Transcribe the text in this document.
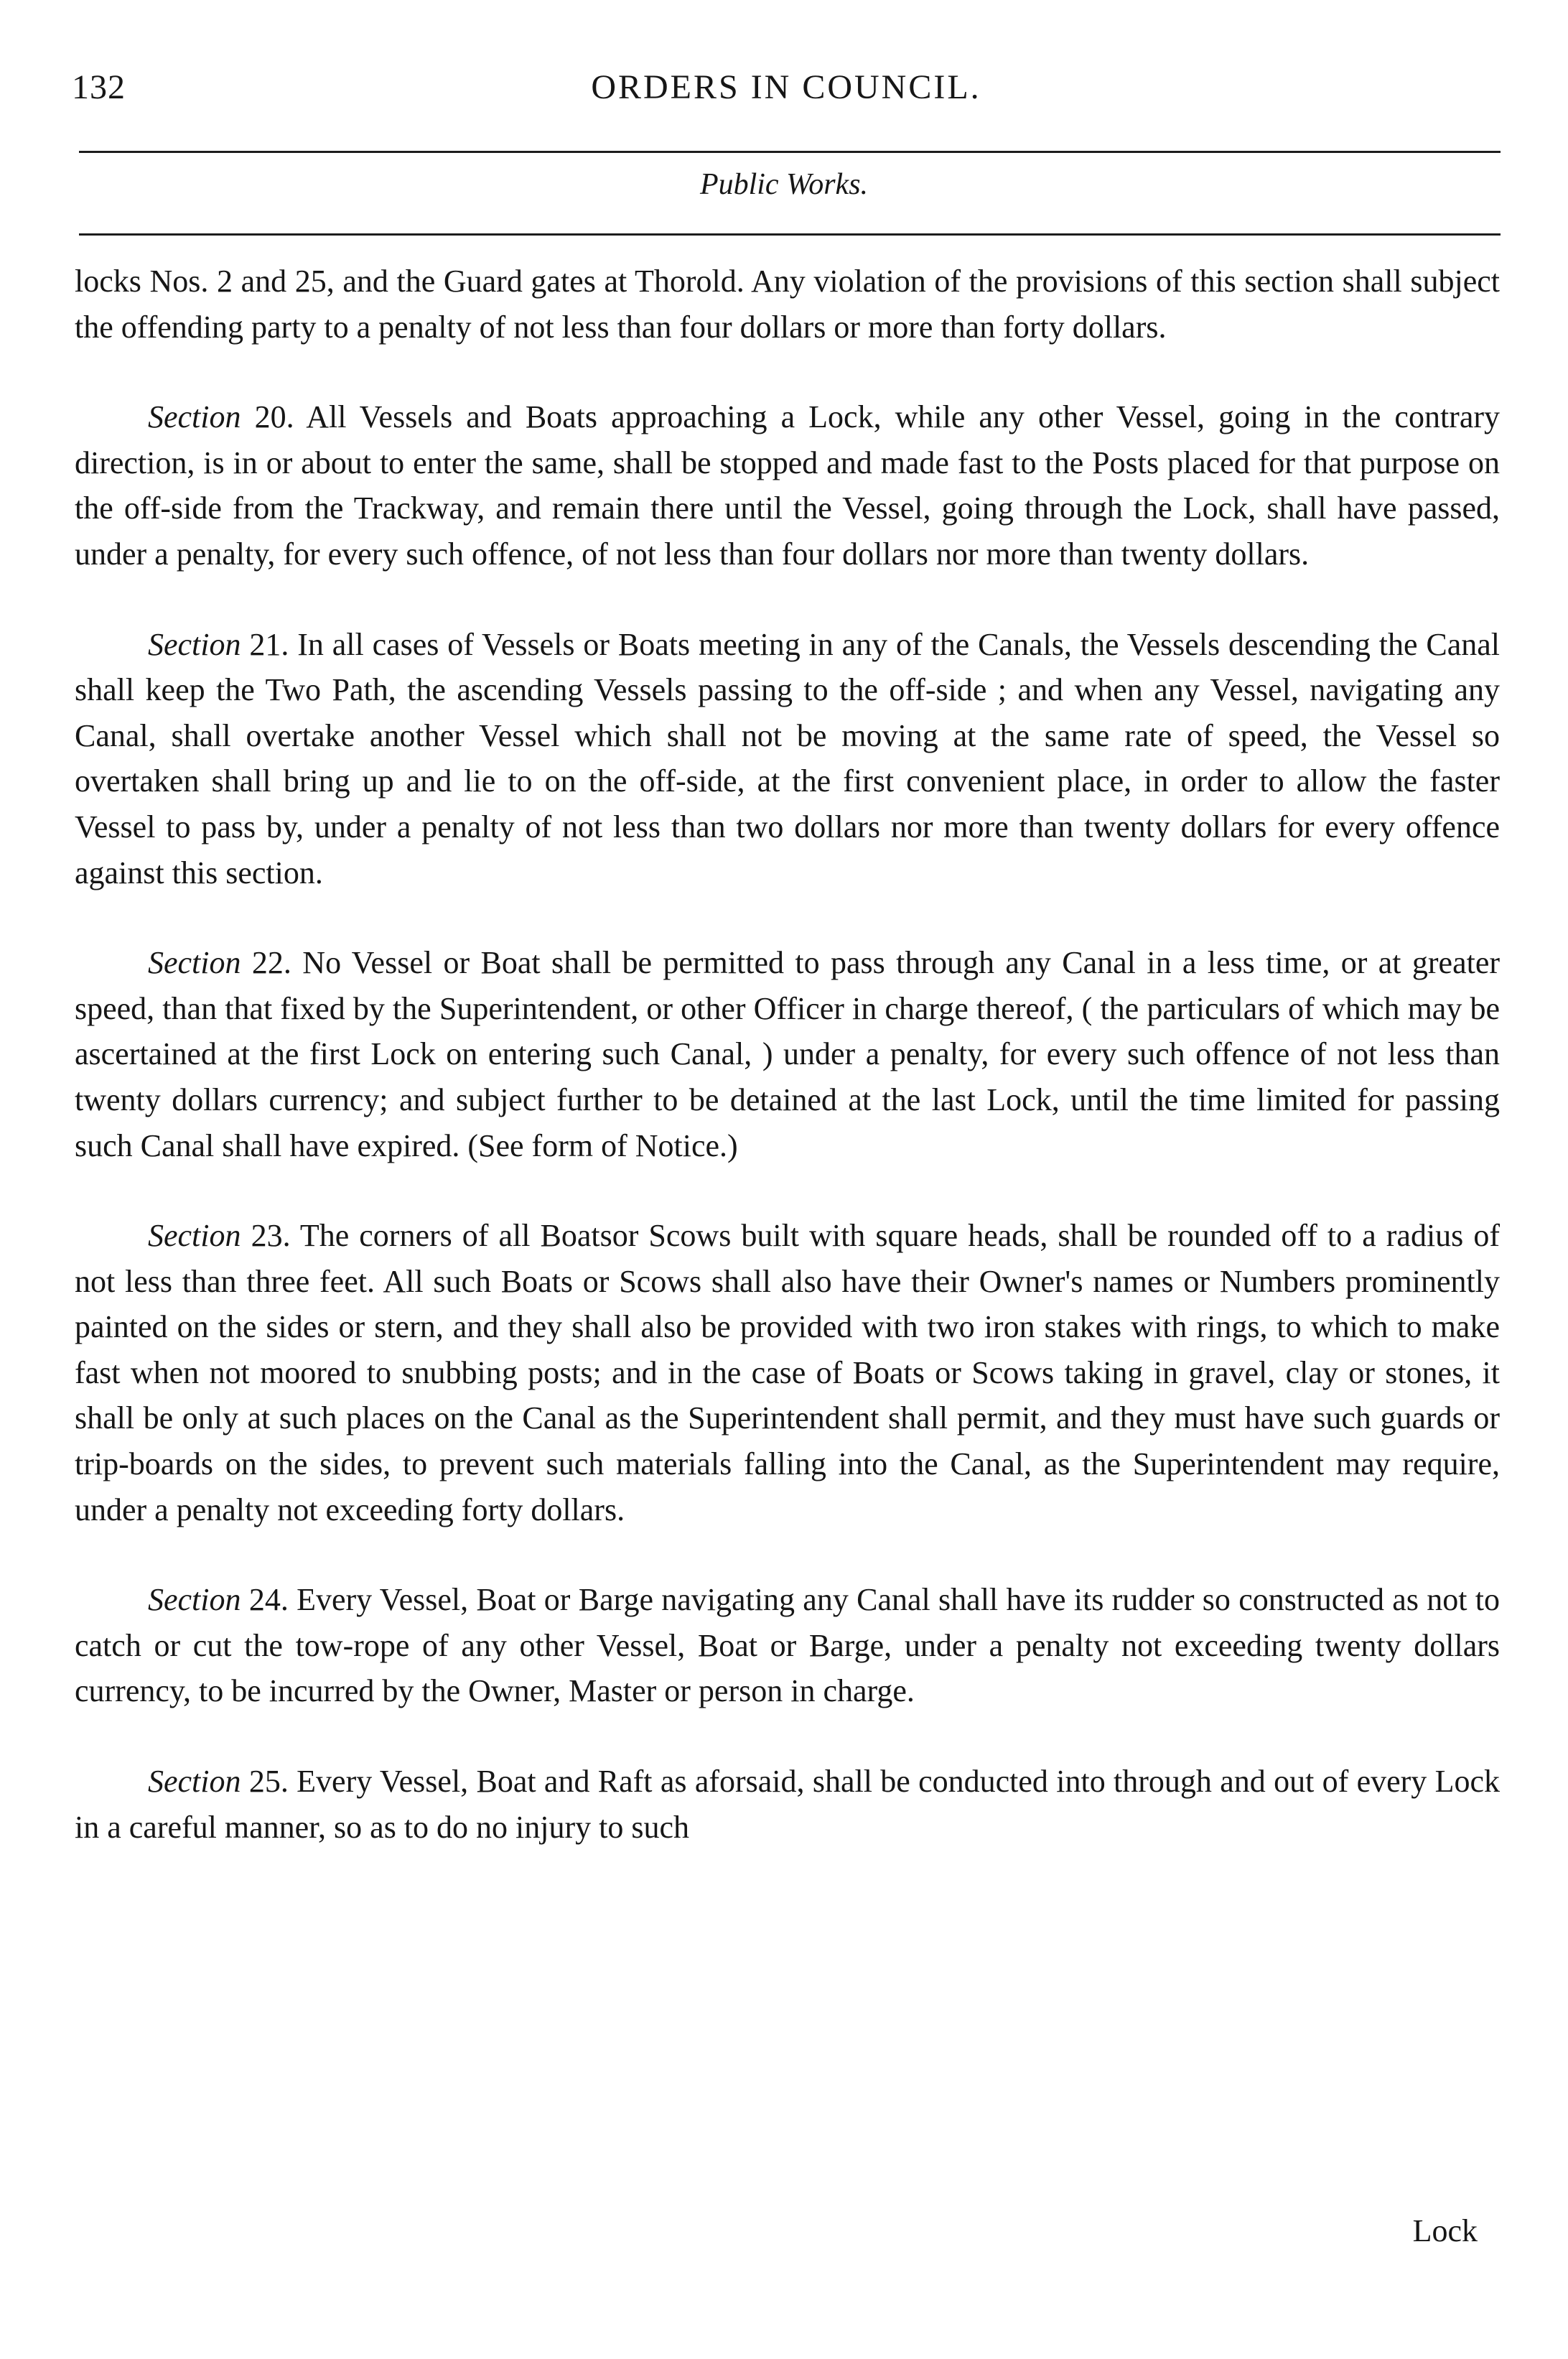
132	ORDERS IN COUNCIL.
Public Works.

locks Nos. 2 and 25, and the Guard gates at Thorold. Any violation of the provisions of this section shall subject the offending party to a penalty of not less than four dollars or more than forty dollars.

Section 20. All Vessels and Boats approaching a Lock, while any other Vessel, going in the contrary direction, is in or about to enter the same, shall be stopped and made fast to the Posts placed for that purpose on the off-side from the Trackway, and remain there until the Vessel, going through the Lock, shall have passed, under a penalty, for every such offence, of not less than four dollars nor more than twenty dollars.

Section 21. In all cases of Vessels or Boats meeting in any of the Canals, the Vessels descending the Canal shall keep the Two Path, the ascending Vessels passing to the off-side ; and when any Vessel, navigating any Canal, shall overtake another Vessel which shall not be moving at the same rate of speed, the Vessel so overtaken shall bring up and lie to on the off-side, at the first convenient place, in order to allow the faster Vessel to pass by, under a penalty of not less than two dollars nor more than twenty dollars for every offence against this section.

Section 22. No Vessel or Boat shall be permitted to pass through any Canal in a less time, or at greater speed, than that fixed by the Superintendent, or other Officer in charge thereof, ( the particulars of which may be ascertained at the first Lock on entering such Canal, ) under a penalty, for every such offence of not less than twenty dollars currency; and subject further to be detained at the last Lock, until the time limited for passing such Canal shall have expired. (See form of Notice.)

Section 23. The corners of all Boatsor Scows built with square heads, shall be rounded off to a radius of not less than three feet. All such Boats or Scows shall also have their Owner's names or Numbers prominently painted on the sides or stern, and they shall also be provided with two iron stakes with rings, to which to make fast when not moored to snubbing posts; and in the case of Boats or Scows taking in gravel, clay or stones, it shall be only at such places on the Canal as the Superintendent shall permit, and they must have such guards or trip-boards on the sides, to prevent such materials falling into the Canal, as the Superintendent may require, under a penalty not exceeding forty dollars.

Section 24. Every Vessel, Boat or Barge navigating any Canal shall have its rudder so constructed as not to catch or cut the tow-rope of any other Vessel, Boat or Barge, under a penalty not exceeding twenty dollars currency, to be incurred by the Owner, Master or person in charge.

Section 25. Every Vessel, Boat and Raft as aforsaid, shall be conducted into through and out of every Lock in a careful manner, so as to do no injury to such

Lock
